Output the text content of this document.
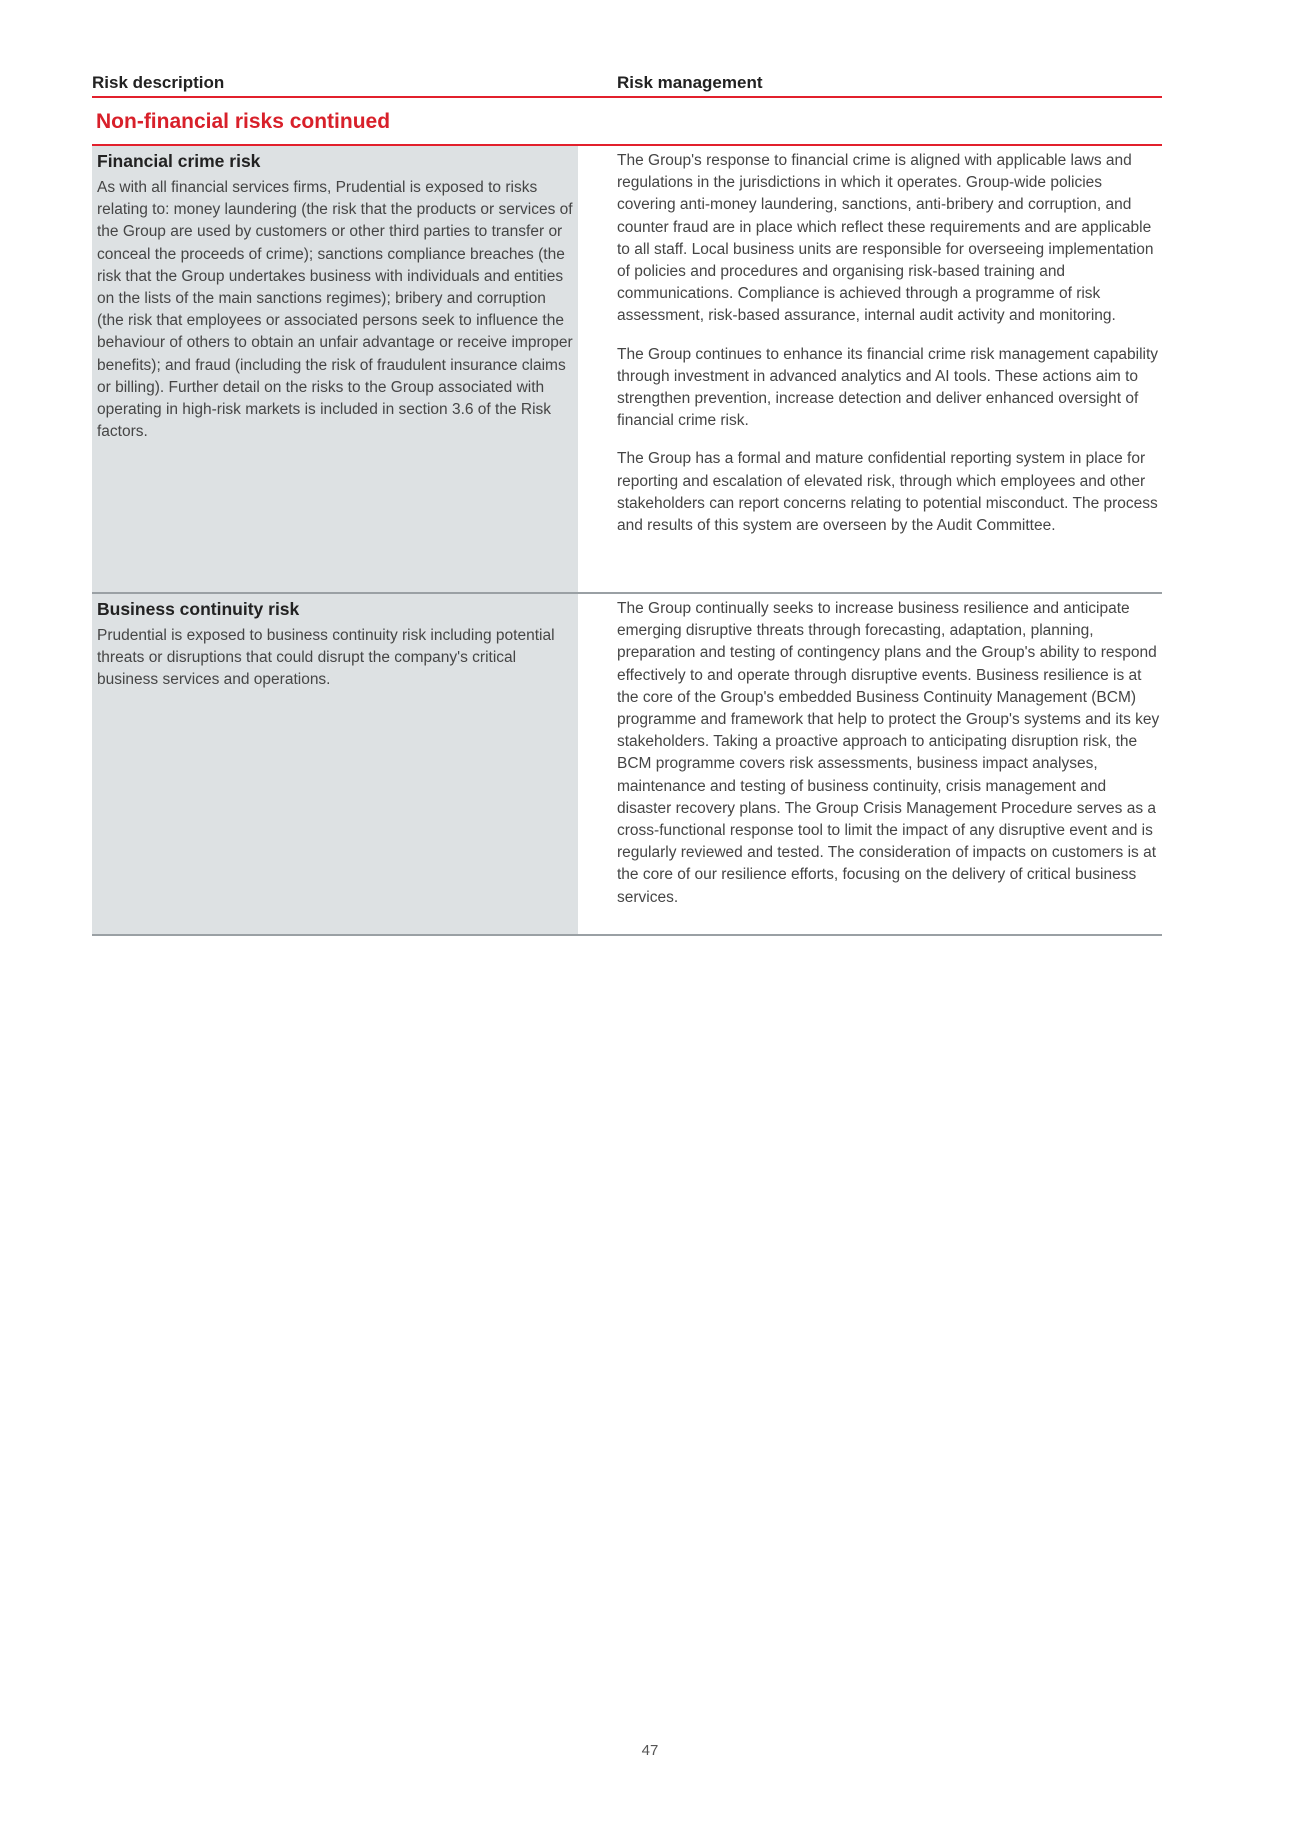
Risk description	Risk management
Non-financial risks continued
Financial crime risk

As with all financial services firms, Prudential is exposed to risks relating to: money laundering (the risk that the products or services of the Group are used by customers or other third parties to transfer or conceal the proceeds of crime); sanctions compliance breaches (the risk that the Group undertakes business with individuals and entities on the lists of the main sanctions regimes); bribery and corruption (the risk that employees or associated persons seek to influence the behaviour of others to obtain an unfair advantage or receive improper benefits); and fraud (including the risk of fraudulent insurance claims or billing). Further detail on the risks to the Group associated with operating in high-risk markets is included in section 3.6 of the Risk factors.

The Group's response to financial crime is aligned with applicable laws and regulations in the jurisdictions in which it operates. Group-wide policies covering anti-money laundering, sanctions, anti-bribery and corruption, and counter fraud are in place which reflect these requirements and are applicable to all staff. Local business units are responsible for overseeing implementation of policies and procedures and organising risk-based training and communications. Compliance is achieved through a programme of risk assessment, risk-based assurance, internal audit activity and monitoring.

The Group continues to enhance its financial crime risk management capability through investment in advanced analytics and AI tools. These actions aim to strengthen prevention, increase detection and deliver enhanced oversight of financial crime risk.

The Group has a formal and mature confidential reporting system in place for reporting and escalation of elevated risk, through which employees and other stakeholders can report concerns relating to potential misconduct. The process and results of this system are overseen by the Audit Committee.

Business continuity risk

Prudential is exposed to business continuity risk including potential threats or disruptions that could disrupt the company's critical business services and operations.

The Group continually seeks to increase business resilience and anticipate emerging disruptive threats through forecasting, adaptation, planning, preparation and testing of contingency plans and the Group's ability to respond effectively to and operate through disruptive events. Business resilience is at the core of the Group's embedded Business Continuity Management (BCM) programme and framework that help to protect the Group's systems and its key stakeholders. Taking a proactive approach to anticipating disruption risk, the BCM programme covers risk assessments, business impact analyses, maintenance and testing of business continuity, crisis management and disaster recovery plans. The Group Crisis Management Procedure serves as a cross-functional response tool to limit the impact of any disruptive event and is regularly reviewed and tested. The consideration of impacts on customers is at the core of our resilience efforts, focusing on the delivery of critical business services.

47
